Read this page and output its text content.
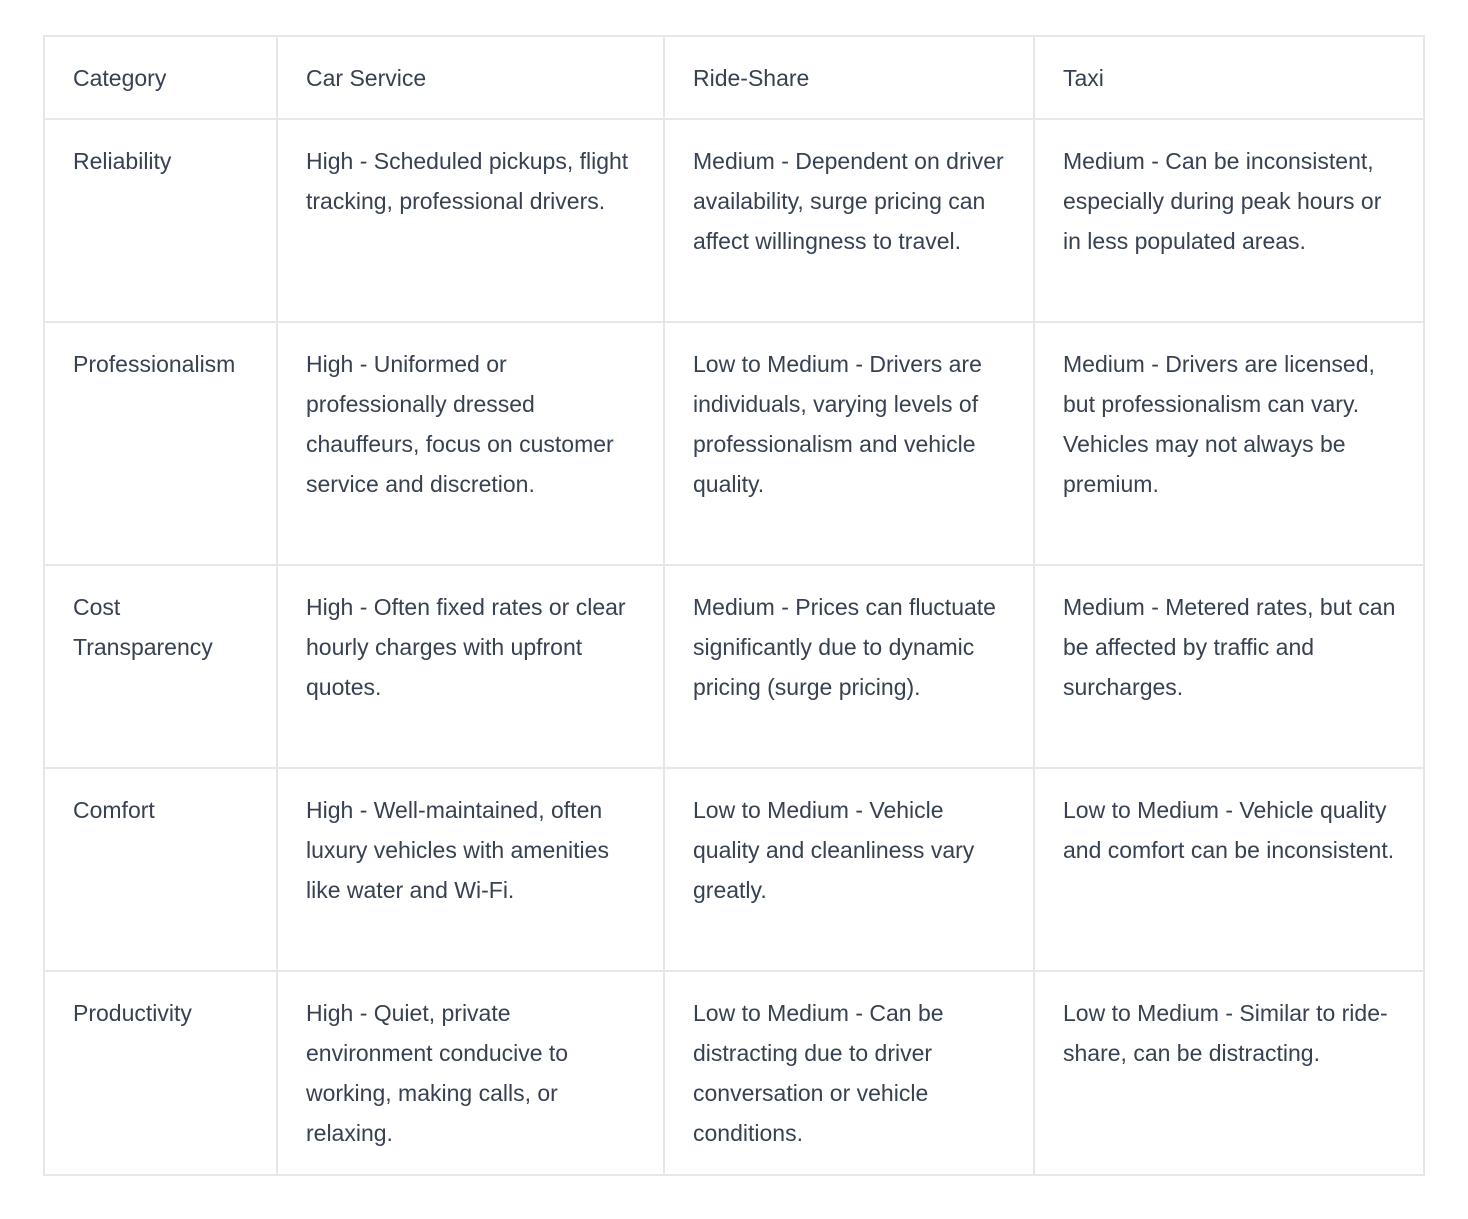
Category	Car Service	Ride-Share	Taxi
Reliability	High - Scheduled pickups, flight tracking, professional drivers.	Medium - Dependent on driver availability, surge pricing can affect willingness to travel.	Medium - Can be inconsistent, especially during peak hours or in less populated areas.
Professionalism	High - Uniformed or professionally dressed chauffeurs, focus on customer service and discretion.	Low to Medium - Drivers are individuals, varying levels of professionalism and vehicle quality.	Medium - Drivers are licensed, but professionalism can vary. Vehicles may not always be premium.
Cost Transparency	High - Often fixed rates or clear hourly charges with upfront quotes.	Medium - Prices can fluctuate significantly due to dynamic pricing (surge pricing).	Medium - Metered rates, but can be affected by traffic and surcharges.
Comfort	High - Well-maintained, often luxury vehicles with amenities like water and Wi-Fi.	Low to Medium - Vehicle quality and cleanliness vary greatly.	Low to Medium - Vehicle quality and comfort can be inconsistent.
Productivity	High - Quiet, private environment conducive to working, making calls, or relaxing.	Low to Medium - Can be distracting due to driver conversation or vehicle conditions.	Low to Medium - Similar to ride-share, can be distracting.
